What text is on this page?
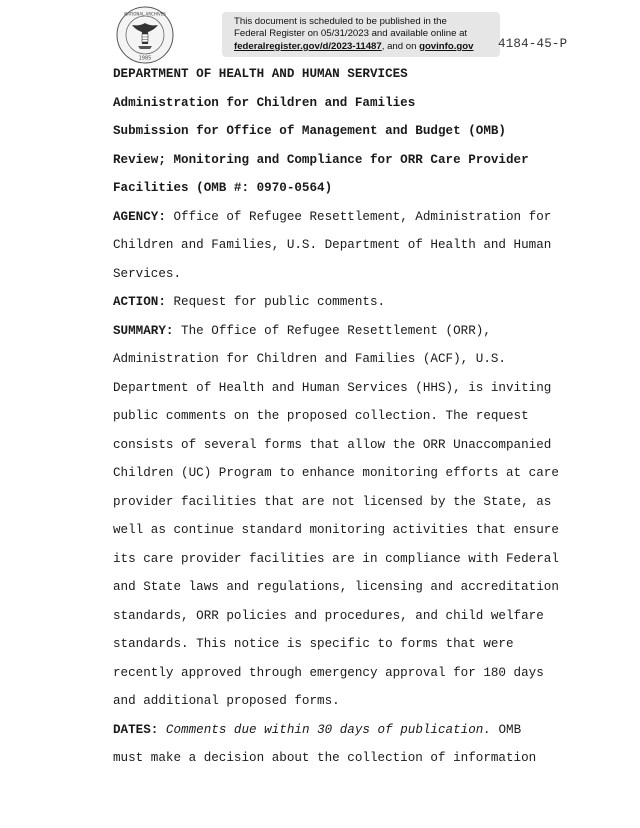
NATIONAL ARCHIVES
1985
This document is scheduled to be published in the
Federal Register on 05/31/2023 and available online at
federalregister.gov/d/2023-11487, and on govinfo.gov	4184-45-P
DEPARTMENT OF HEALTH AND HUMAN SERVICES
Administration for Children and Families
Submission for Office of Management and Budget (OMB)
Review; Monitoring and Compliance for ORR Care Provider
Facilities (OMB #: 0970-0564)
AGENCY: Office of Refugee Resettlement, Administration for
Children and Families, U.S. Department of Health and Human
Services.
ACTION: Request for public comments.
SUMMARY: The Office of Refugee Resettlement (ORR),
Administration for Children and Families (ACF), U.S.
Department of Health and Human Services (HHS), is inviting
public comments on the proposed collection. The request
consists of several forms that allow the ORR Unaccompanied
Children (UC) Program to enhance monitoring efforts at care
provider facilities that are not licensed by the State, as
well as continue standard monitoring activities that ensure
its care provider facilities are in compliance with Federal
and State laws and regulations, licensing and accreditation
standards, ORR policies and procedures, and child welfare
standards. This notice is specific to forms that were
recently approved through emergency approval for 180 days
and additional proposed forms.
DATES: Comments due within 30 days of publication. OMB
must make a decision about the collection of information
